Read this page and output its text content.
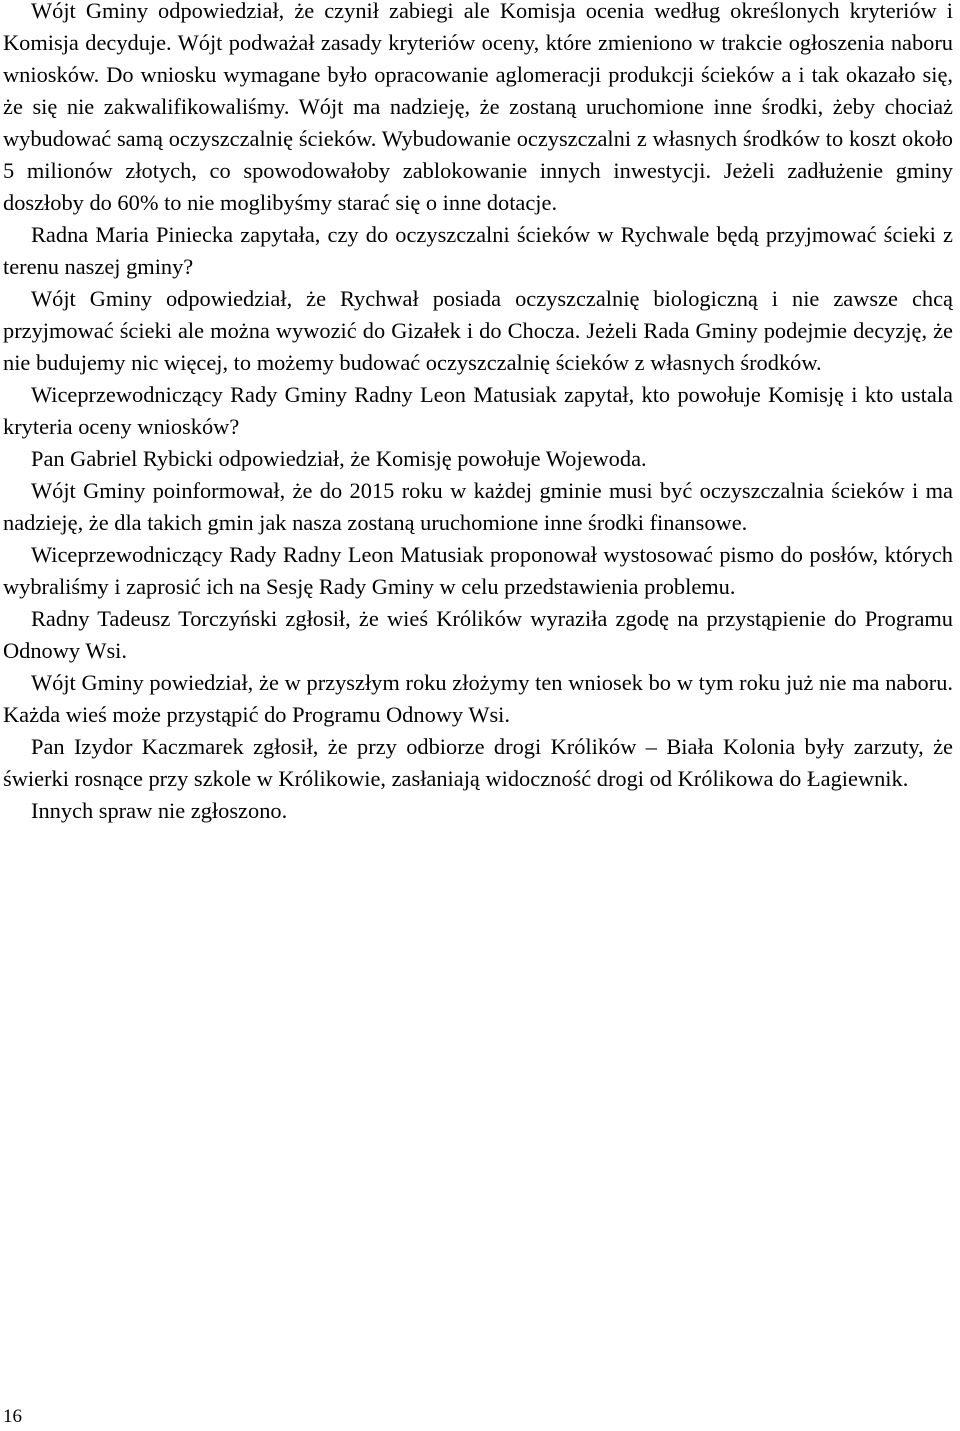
Wójt Gminy odpowiedział, że czynił zabiegi ale Komisja ocenia według określonych kryteriów i Komisja decyduje. Wójt podważał zasady kryteriów oceny, które zmieniono w trakcie ogłoszenia naboru wniosków. Do wniosku wymagane było opracowanie aglomeracji produkcji ścieków a i tak okazało się, że się nie zakwalifikowaliśmy. Wójt ma nadzieję, że zostaną uruchomione inne środki, żeby chociaż wybudować samą oczyszczalnię ścieków. Wybudowanie oczyszczalni z własnych środków to koszt około 5 milionów złotych, co spowodowałoby zablokowanie innych inwestycji. Jeżeli zadłużenie gminy doszłoby do 60% to nie moglibyśmy starać się o inne dotacje.

Radna Maria Piniecka zapytała, czy do oczyszczalni ścieków w Rychwale będą przyjmować ścieki z terenu naszej gminy?

Wójt Gminy odpowiedział, że Rychwał posiada oczyszczalnię biologiczną i nie zawsze chcą przyjmować ścieki ale można wywozić do Gizałek i do Chocza. Jeżeli Rada Gminy podejmie decyzję, że nie budujemy nic więcej, to możemy budować oczyszczalnię ścieków z własnych środków.

Wiceprzewodniczący Rady Gminy Radny Leon Matusiak zapytał, kto powołuje Komisję i kto ustala kryteria oceny wniosków?

Pan Gabriel Rybicki odpowiedział, że Komisję powołuje Wojewoda.

Wójt Gminy poinformował, że do 2015 roku w każdej gminie musi być oczyszczalnia ścieków i ma nadzieję, że dla takich gmin jak nasza zostaną uruchomione inne środki finansowe.

Wiceprzewodniczący Rady Radny Leon Matusiak proponował wystosować pismo do posłów, których wybraliśmy i zaprosić ich na Sesję Rady Gminy w celu przedstawienia problemu.

Radny Tadeusz Torczyński zgłosił, że wieś Królików wyraziła zgodę na przystąpienie do Programu Odnowy Wsi.

Wójt Gminy powiedział, że w przyszłym roku złożymy ten wniosek bo w tym roku już nie ma naboru. Każda wieś może przystąpić do Programu Odnowy Wsi.

Pan Izydor Kaczmarek zgłosił, że przy odbiorze drogi Królików – Biała Kolonia były zarzuty, że świerki rosnące przy szkole w Królikowie, zasłaniają widoczność drogi od Królikowa do Łagiewnik.

Innych spraw nie zgłoszono.

16
